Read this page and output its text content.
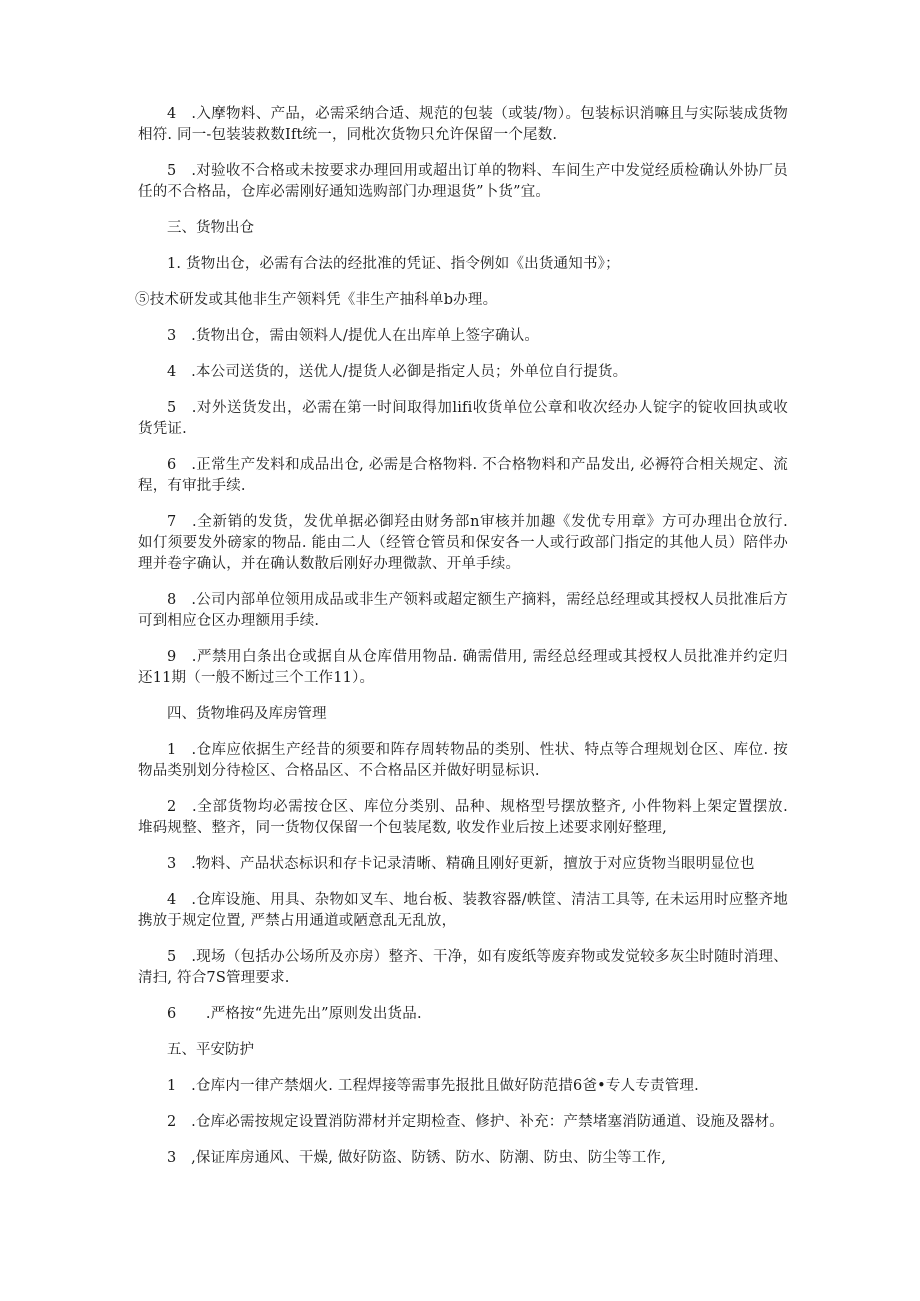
4　.入摩物料、产品，必需采纳合适、规范的包装（或装/物）。包装标识消嘛且与实际装成货物相符. 同一-包装装救数Ift统一，同枇次货物只允许保留一个尾数.

5　.对验收不合格或未按要求办理回用或超出订单的物料、车间生产中发觉经质检确认外协厂员任的不合格品，仓库必需刚好通知选购部门办理退货”卜货”宜。

三、货物出仓

1. 货物出仓，必需有合法的经批准的凭证、指令例如《出货通知书》；

⑤技术研发或其他非生产领料凭《非生产抽科单b办理。

3　.货物出仓，需由领料人/提优人在出库单上签字确认。

4　.本公司送货的，送优人/提货人必御是指定人员；外单位自行提货。

5　.对外送货发出，必需在第一时间取得加lifi收货单位公章和收次经办人锭字的锭收回执或收货凭证.

6　.正常生产发料和成品出仓, 必需是合格物料. 不合格物料和产品发出, 必褥符合相关规定、流程，有审批手续.

7　.全新销的发货，发优单据必御羟由财务部n审核并加趣《发优专用章》方可办理出仓放行. 如仃须要发外磅家的物品. 能由二人（经管仓管员和保安各一人或行政部门指定的其他人员）陪伴办理并卷字确认，并在确认数散后刚好办理微款、开单手续。

8　.公司内部单位领用成品或非生产领料或超定额生产摘料，需经总经理或其授权人员批准后方可到相应仓区办理额用手续.

9　.严禁用白条出仓或据自从仓库借用物品. 确需借用, 需经总经理或其授权人员批准并约定归还11期（一般不断过三个工作11）。

四、货物堆码及库房管理

1　.仓库应依据生产经昔的须要和阵存周转物品的类别、性状、特点等合理规划仓区、库位. 按物品类别划分待检区、合格品区、不合格品区并做好明显标识.

2　.全部货物均必需按仓区、库位分类别、品种、规格型号摆放整齐, 小件物料上架定置摆放. 堆码规整、整齐，同一货物仅保留一个包装尾数, 收发作业后按上述要求刚好整理,

3　.物料、产品状态标识和存卡记录清晰、精确且刚好更新，擅放于对应货物当眼明显位也

4　.仓库设施、用具、杂物如叉车、地台板、装教容器/帙筐、清洁工具等, 在未运用时应整齐地携放于规定位置, 严禁占用通道或陋意乱无乱放，

5　.现场（包括办公场所及亦房）整齐、干净，如有废纸等废弃物或发觉较多灰尘时随时消理、清扫, 符合7S管理要求.

6　　.严格按“先进先出”原则发出货品.

五、平安防护

1　.仓库内一律产禁烟火. 工程焊接等需事先报批且做好防范措6爸•专人专责管理.

2　.仓库必需按规定设置消防滞材并定期检查、修护、补充：产禁堵塞消防通道、设施及器材。

3　,保证库房通风、干燥, 做好防盗、防锈、防水、防潮、防虫、防尘等工作,
